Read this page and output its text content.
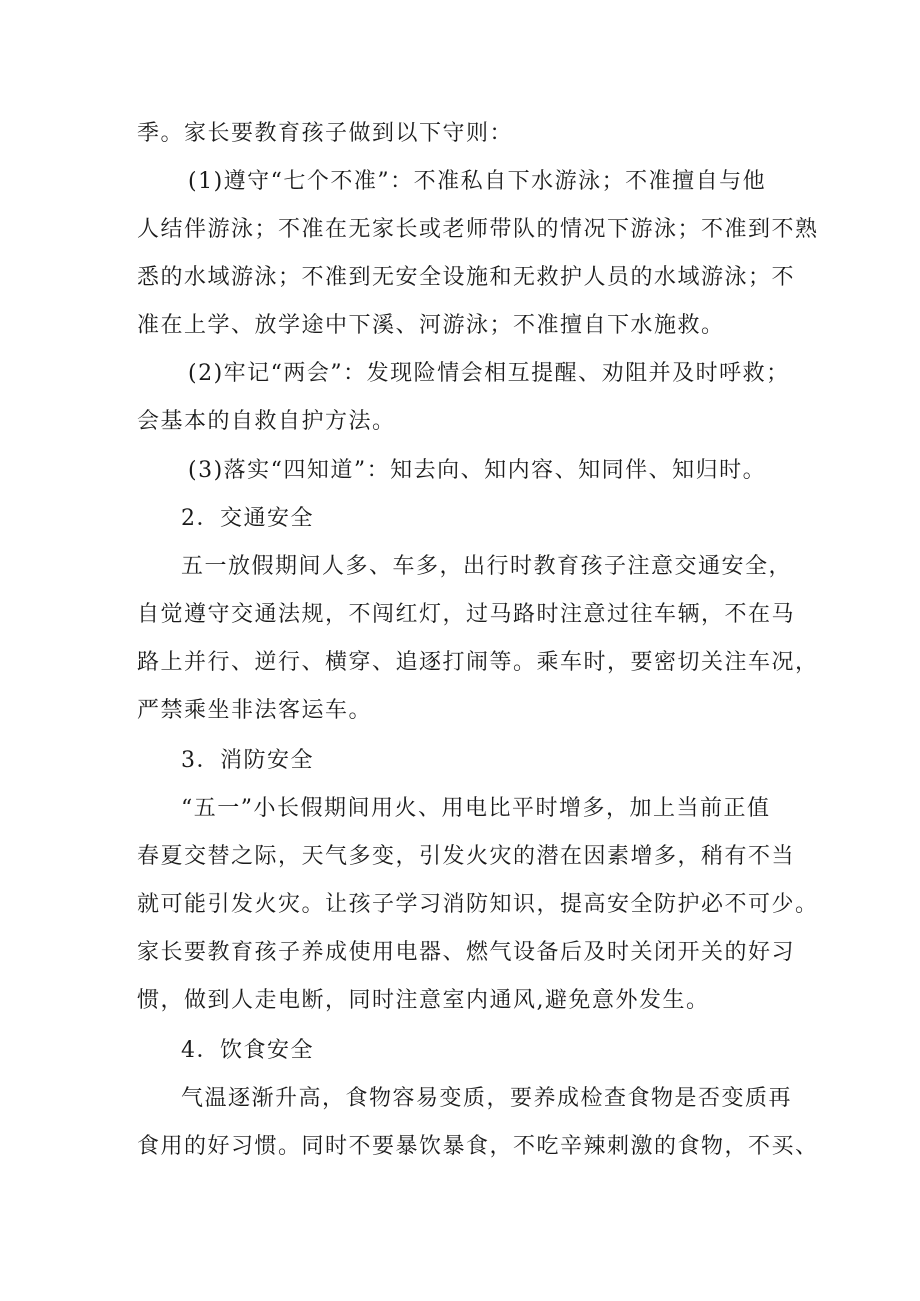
季。家长要教育孩子做到以下守则：
(1)遵守“七个不准”：不准私自下水游泳；不准擅自与他
人结伴游泳；不准在无家长或老师带队的情况下游泳；不准到不熟
悉的水域游泳；不准到无安全设施和无救护人员的水域游泳；不
准在上学、放学途中下溪、河游泳；不准擅自下水施救。
(2)牢记“两会”：发现险情会相互提醒、劝阻并及时呼救；
会基本的自救自护方法。
(3)落实“四知道”：知去向、知内容、知同伴、知归时。
2．交通安全
五一放假期间人多、车多，出行时教育孩子注意交通安全，
自觉遵守交通法规，不闯红灯，过马路时注意过往车辆，不在马
路上并行、逆行、横穿、追逐打闹等。乘车时，要密切关注车况，
严禁乘坐非法客运车。
3．消防安全
“五一”小长假期间用火、用电比平时增多，加上当前正值
春夏交替之际，天气多变，引发火灾的潜在因素增多，稍有不当
就可能引发火灾。让孩子学习消防知识，提高安全防护必不可少。
家长要教育孩子养成使用电器、燃气设备后及时关闭开关的好习
惯，做到人走电断，同时注意室内通风,避免意外发生。
4．饮食安全
气温逐渐升高，食物容易变质，要养成检查食物是否变质再
食用的好习惯。同时不要暴饮暴食，不吃辛辣刺激的食物，不买、
